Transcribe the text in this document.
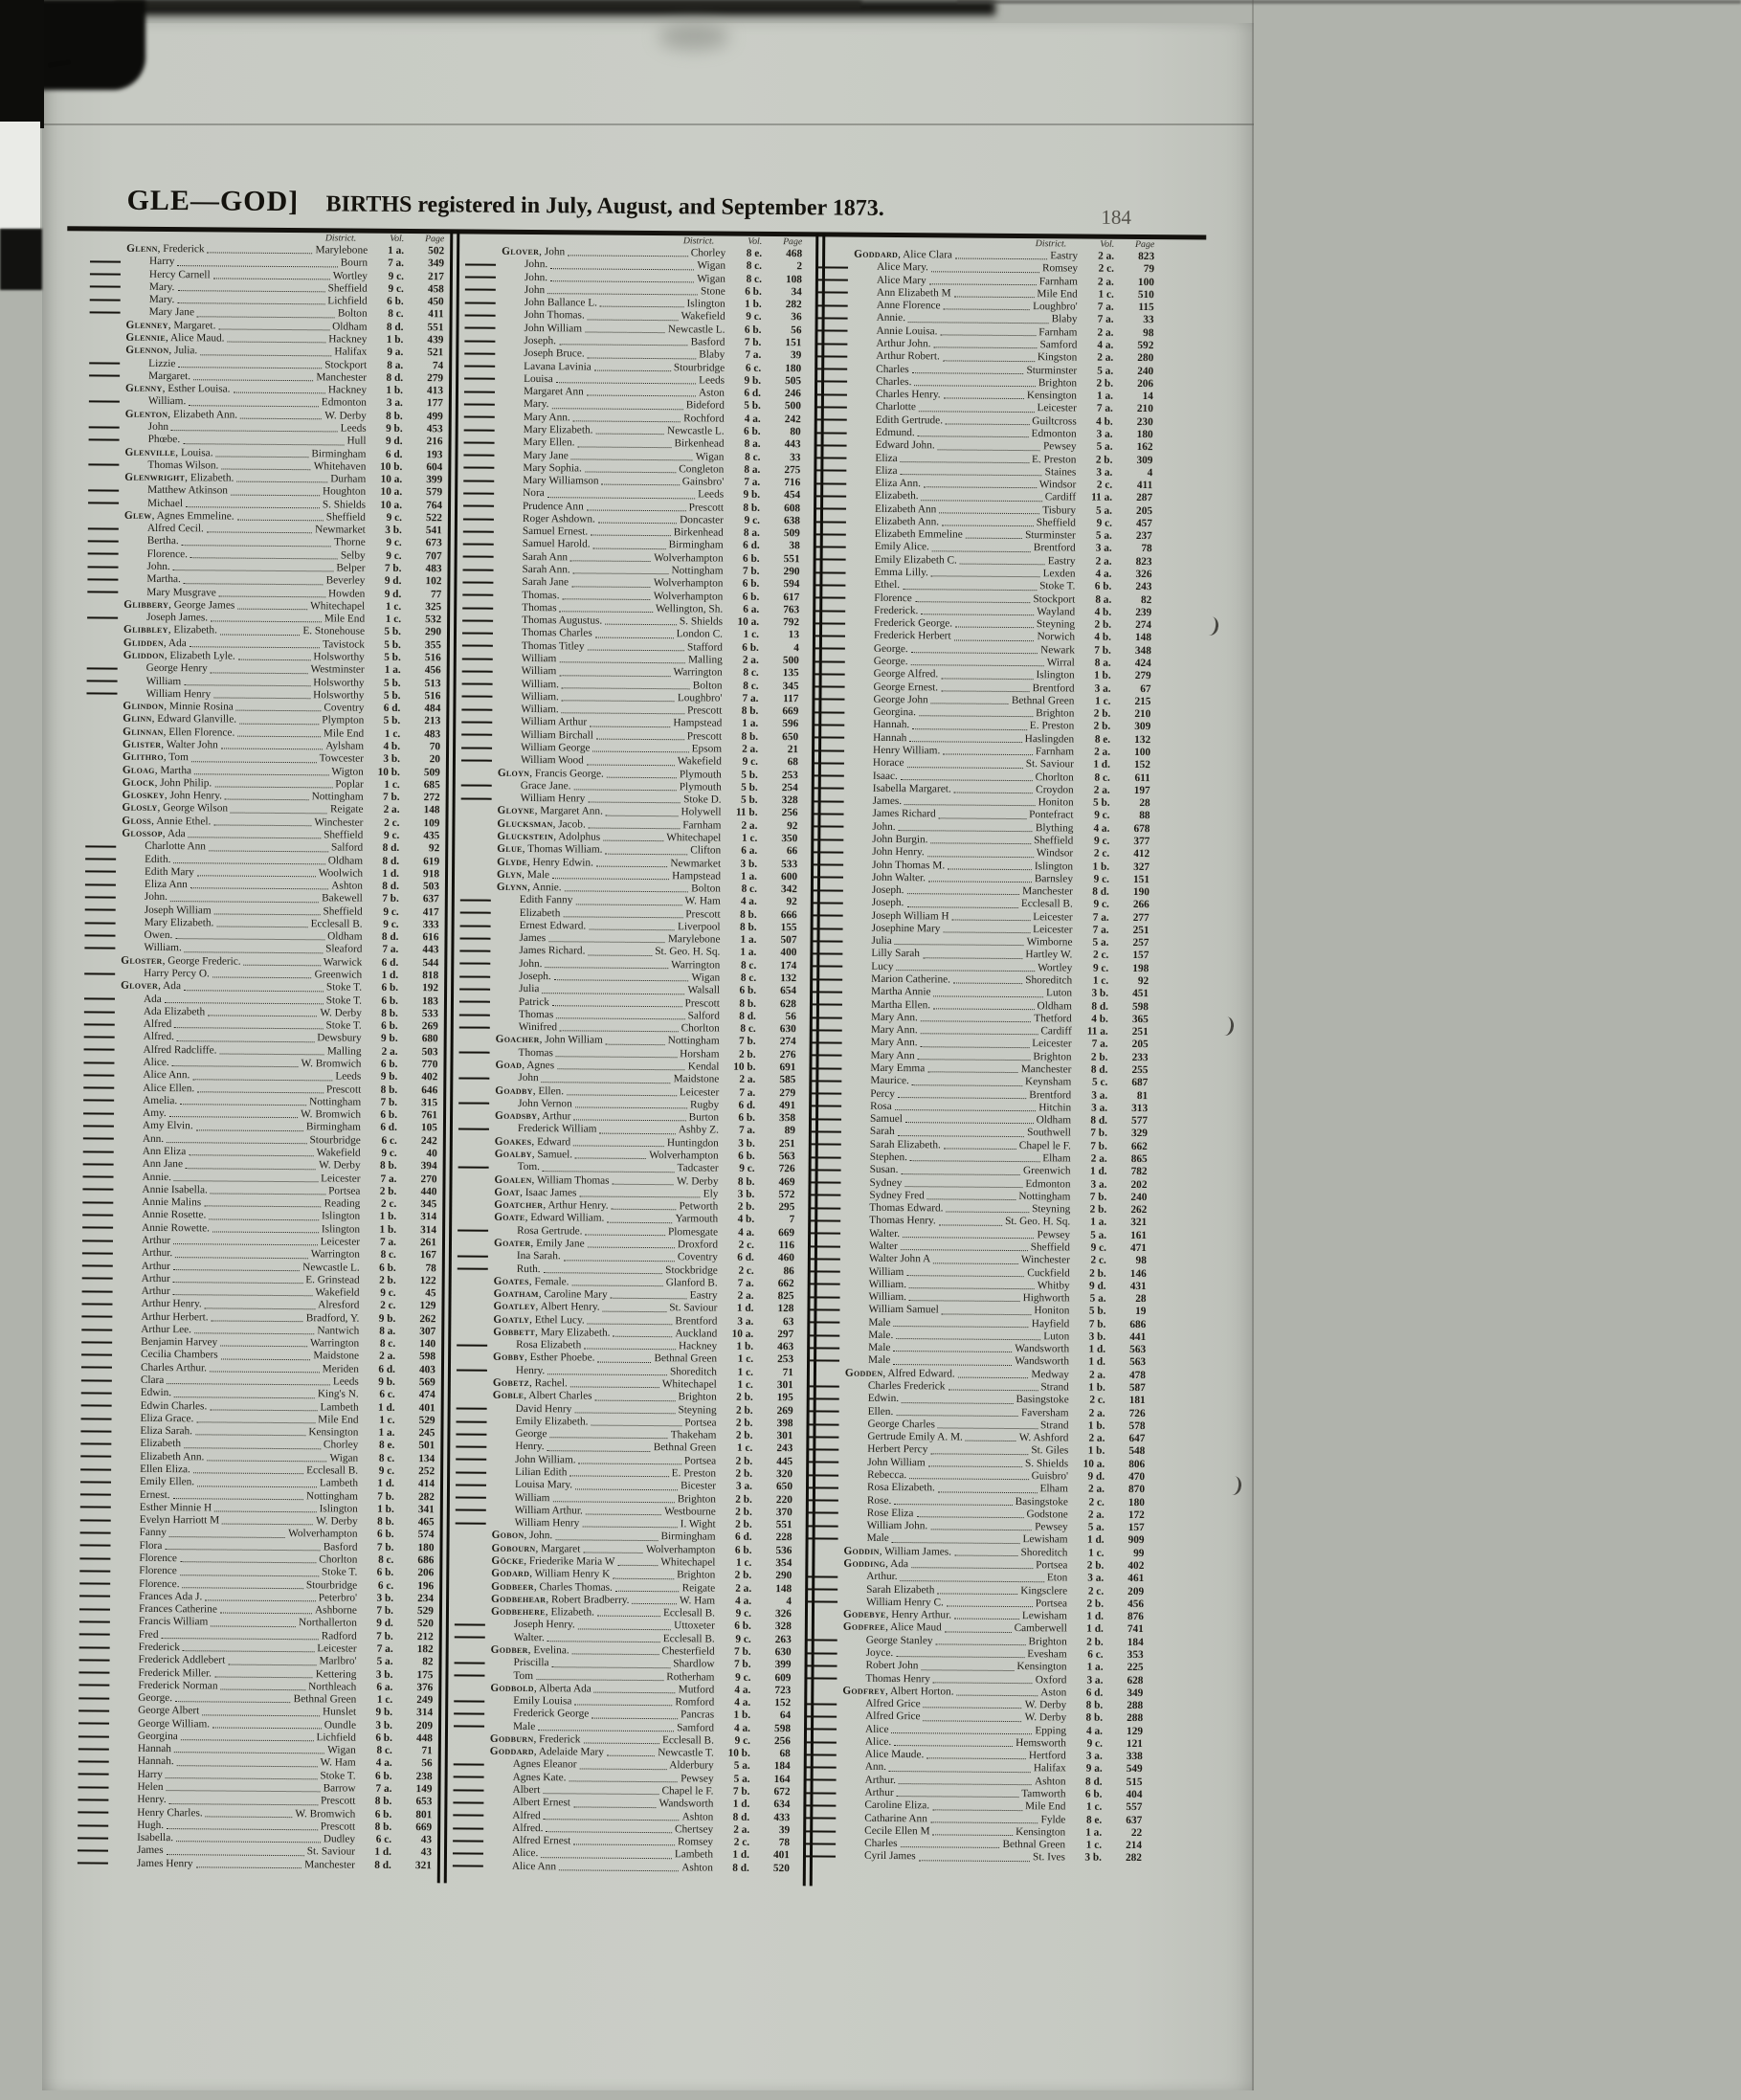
GLE—GOD] BIRTHS registered in July, August, and September 1873.	184
District.	Vol.	Page
Glenn, Frederick	Marylebone	1 a.	502
Harry	Bourn	7 a.	349
Hercy Carnell	Wortley	9 c.	217
Mary.	Sheffield	9 c.	458
Mary.	Lichfield	6 b.	450
Mary Jane	Bolton	8 c.	411
Glenney, Margaret.	Oldham	8 d.	551
Glennie, Alice Maud.	Hackney	1 b.	439
Glennon, Julia.	Halifax	9 a.	521
Lizzie	Stockport	8 a.	74
Margaret.	Manchester	8 d.	279
Glenny, Esther Louisa.	Hackney	1 b.	413
William.	Edmonton	3 a.	177
Glenton, Elizabeth Ann.	W. Derby	8 b.	499
John	Leeds	9 b.	453
Phœbe.	Hull	9 d.	216
Glenville, Louisa.	Birmingham	6 d.	193
Thomas Wilson.	Whitehaven	10 b.	604
Glenwright, Elizabeth.	Durham	10 a.	399
Matthew Atkinson	Houghton	10 a.	579
Michael	S. Shields	10 a.	764
Glew, Agnes Emmeline.	Sheffield	9 c.	522
Alfred Cecil.	Newmarket	3 b.	541
Bertha.	Thorne	9 c.	673
Florence.	Selby	9 c.	707
John.	Belper	7 b.	483
Martha.	Beverley	9 d.	102
Mary Musgrave	Howden	9 d.	77
Glibbery, George James	Whitechapel	1 c.	325
Joseph James.	Mile End	1 c.	532
Glibbley, Elizabeth.	E. Stonehouse	5 b.	290
Glidden, Ada	Tavistock	5 b.	355
Gliddon, Elizabeth Lyle.	Holsworthy	5 b.	516
George Henry	Westminster	1 a.	456
William	Holsworthy	5 b.	513
William Henry	Holsworthy	5 b.	516
Glindon, Minnie Rosina	Coventry	6 d.	484
Glinn, Edward Glanville.	Plympton	5 b.	213
Glinnan, Ellen Florence.	Mile End	1 c.	483
Glister, Walter John	Aylsham	4 b.	70
Glithro, Tom	Towcester	3 b.	20
Gloag, Martha	Wigton	10 b.	509
Glock, John Philip.	Poplar	1 c.	685
Gloskey, John Henry.	Nottingham	7 b.	272
Glosly, George Wilson	Reigate	2 a.	148
Gloss, Annie Ethel.	Winchester	2 c.	109
Glossop, Ada	Sheffield	9 c.	435
Charlotte Ann	Salford	8 d.	92
Edith.	Oldham	8 d.	619
Edith Mary	Woolwich	1 d.	918
Eliza Ann	Ashton	8 d.	503
John.	Bakewell	7 b.	637
Joseph William	Sheffield	9 c.	417
Mary Elizabeth.	Ecclesall B.	9 c.	333
Owen.	Oldham	8 d.	616
William.	Sleaford	7 a.	443
Gloster, George Frederic.	Warwick	6 d.	544
Harry Percy O.	Greenwich	1 d.	818
Glover, Ada	Stoke T.	6 b.	192
Ada	Stoke T.	6 b.	183
Ada Elizabeth	W. Derby	8 b.	533
Alfred	Stoke T.	6 b.	269
Alfred.	Dewsbury	9 b.	680
Alfred Radcliffe.	Malling	2 a.	503
Alice.	W. Bromwich	6 b.	770
Alice Ann.	Leeds	9 b.	402
Alice Ellen.	Prescott	8 b.	646
Amelia.	Nottingham	7 b.	315
Amy.	W. Bromwich	6 b.	761
Amy Elvin.	Birmingham	6 d.	105
Ann.	Stourbridge	6 c.	242
Ann Eliza	Wakefield	9 c.	40
Ann Jane	W. Derby	8 b.	394
Annie.	Leicester	7 a.	270
Annie Isabella.	Portsea	2 b.	440
Annie Malins	Reading	2 c.	345
Annie Rosette.	Islington	1 b.	314
Annie Rowette.	Islington	1 b.	314
Arthur	Leicester	7 a.	261
Arthur.	Warrington	8 c.	167
Arthur	Newcastle L.	6 b.	78
Arthur	E. Grinstead	2 b.	122
Arthur	Wakefield	9 c.	45
Arthur Henry.	Alresford	2 c.	129
Arthur Herbert.	Bradford, Y.	9 b.	262
Arthur Lee.	Nantwich	8 a.	307
Benjamin Harvey	Warrington	8 c.	140
Cecilia Chambers	Maidstone	2 a.	598
Charles Arthur.	Meriden	6 d.	403
Clara	Leeds	9 b.	569
Edwin.	King's N.	6 c.	474
Edwin Charles.	Lambeth	1 d.	401
Eliza Grace.	Mile End	1 c.	529
Eliza Sarah.	Kensington	1 a.	245
Elizabeth	Chorley	8 e.	501
Elizabeth Ann.	Wigan	8 c.	134
Ellen Eliza.	Ecclesall B.	9 c.	252
Emily Ellen.	Lambeth	1 d.	414
Ernest.	Nottingham	7 b.	282
Esther Minnie H	Islington	1 b.	341
Evelyn Harriott M	W. Derby	8 b.	465
Fanny	Wolverhampton	6 b.	574
Flora	Basford	7 b.	180
Florence	Chorlton	8 c.	686
Florence	Stoke T.	6 b.	206
Florence.	Stourbridge	6 c.	196
Frances Ada J.	Peterbro'	3 b.	234
Frances Catherine	Ashborne	7 b.	529
Francis William	Northallerton	9 d.	520
Fred	Radford	7 b.	212
Frederick	Leicester	7 a.	182
Frederick Addlebert	Marlbro'	5 a.	82
Frederick Miller.	Kettering	3 b.	175
Frederick Norman	Northleach	6 a.	376
George.	Bethnal Green	1 c.	249
George Albert	Hunslet	9 b.	314
George William.	Oundle	3 b.	209
Georgina	Lichfield	6 b.	448
Hannah	Wigan	8 c.	71
Hannah.	W. Ham	4 a.	56
Harry	Stoke T.	6 b.	238
Helen	Barrow	7 a.	149
Henry.	Prescott	8 b.	653
Henry Charles.	W. Bromwich	6 b.	801
Hugh.	Prescott	8 b.	669
Isabella.	Dudley	6 c.	43
James	St. Saviour	1 d.	43
James Henry	Manchester	8 d.	321
District.	Vol.	Page
Glover, John	Chorley	8 e.	468
John.	Wigan	8 c.	2
John.	Wigan	8 c.	108
John	Stone	6 b.	34
John Ballance L.	Islington	1 b.	282
John Thomas.	Wakefield	9 c.	36
John William	Newcastle L.	6 b.	56
Joseph.	Basford	7 b.	151
Joseph Bruce.	Blaby	7 a.	39
Lavana Lavinia	Stourbridge	6 c.	180
Louisa	Leeds	9 b.	505
Margaret Ann	Aston	6 d.	246
Mary.	Bideford	5 b.	500
Mary Ann.	Rochford	4 a.	242
Mary Elizabeth.	Newcastle L.	6 b.	80
Mary Ellen.	Birkenhead	8 a.	443
Mary Jane	Wigan	8 c.	33
Mary Sophia.	Congleton	8 a.	275
Mary Williamson	Gainsbro'	7 a.	716
Nora	Leeds	9 b.	454
Prudence Ann	Prescott	8 b.	608
Roger Ashdown.	Doncaster	9 c.	638
Samuel Ernest.	Birkenhead	8 a.	509
Samuel Harold.	Birmingham	6 d.	38
Sarah Ann	Wolverhampton	6 b.	551
Sarah Ann.	Nottingham	7 b.	290
Sarah Jane	Wolverhampton	6 b.	594
Thomas.	Wolverhampton	6 b.	617
Thomas	Wellington, Sh.	6 a.	763
Thomas Augustus.	S. Shields	10 a.	792
Thomas Charles	London C.	1 c.	13
Thomas Titley	Stafford	6 b.	4
William	Malling	2 a.	500
William	Warrington	8 c.	135
William.	Bolton	8 c.	345
William.	Loughbro'	7 a.	117
William.	Prescott	8 b.	669
William Arthur	Hampstead	1 a.	596
William Birchall	Prescott	8 b.	650
William George	Epsom	2 a.	21
William Wood	Wakefield	9 c.	68
Gloyn, Francis George.	Plymouth	5 b.	253
Grace Jane.	Plymouth	5 b.	254
William Henry	Stoke D.	5 b.	328
Gloyne, Margaret Ann.	Holywell	11 b.	256
Glucksman, Jacob.	Farnham	2 a.	92
Gluckstein, Adolphus	Whitechapel	1 c.	350
Glue, Thomas William.	Clifton	6 a.	66
Glyde, Henry Edwin.	Newmarket	3 b.	533
Glyn, Male	Hampstead	1 a.	600
Glynn, Annie.	Bolton	8 c.	342
Edith Fanny	W. Ham	4 a.	92
Elizabeth	Prescott	8 b.	666
Ernest Edward.	Liverpool	8 b.	155
James	Marylebone	1 a.	507
James Richard.	St. Geo. H. Sq.	1 a.	400
John.	Warrington	8 c.	174
Joseph.	Wigan	8 c.	132
Julia	Walsall	6 b.	654
Patrick	Prescott	8 b.	628
Thomas	Salford	8 d.	56
Winifred	Chorlton	8 c.	630
Goacher, John William	Nottingham	7 b.	274
Thomas	Horsham	2 b.	276
Goad, Agnes	Kendal	10 b.	691
John	Maidstone	2 a.	585
Goadby, Ellen.	Leicester	7 a.	279
John Vernon	Rugby	6 d.	491
Goadsby, Arthur	Burton	6 b.	358
Frederick William	Ashby Z.	7 a.	89
Goakes, Edward	Huntingdon	3 b.	251
Goalby, Samuel.	Wolverhampton	6 b.	563
Tom.	Tadcaster	9 c.	726
Goalen, William Thomas	W. Derby	8 b.	469
Goat, Isaac James	Ely	3 b.	572
Goatcher, Arthur Henry.	Petworth	2 b.	295
Goate, Edward William.	Yarmouth	4 b.	7
Rosa Gertrude.	Plomesgate	4 a.	669
Goater, Emily Jane	Droxford	2 c.	116
Ina Sarah.	Coventry	6 d.	460
Ruth.	Stockbridge	2 c.	86
Goates, Female.	Glanford B.	7 a.	662
Goatham, Caroline Mary	Eastry	2 a.	825
Goatley, Albert Henry.	St. Saviour	1 d.	128
Goatly, Ethel Lucy.	Brentford	3 a.	63
Gobbett, Mary Elizabeth.	Auckland	10 a.	297
Rosa Elizabeth	Hackney	1 b.	463
Gobby, Esther Phoebe.	Bethnal Green	1 c.	253
Henry.	Shoreditch	1 c.	71
Gobetz, Rachel.	Whitechapel	1 c.	301
Goble, Albert Charles	Brighton	2 b.	195
David Henry	Steyning	2 b.	269
Emily Elizabeth.	Portsea	2 b.	398
George	Thakeham	2 b.	301
Henry.	Bethnal Green	1 c.	243
John William.	Portsea	2 b.	445
Lilian Edith	E. Preston	2 b.	320
Louisa Mary.	Bicester	3 a.	650
William	Brighton	2 b.	220
William Arthur.	Westbourne	2 b.	370
William Henry	I. Wight	2 b.	551
Gobon, John.	Birmingham	6 d.	228
Gobourn, Margaret	Wolverhampton	6 b.	536
Göcke, Friederike Maria W	Whitechapel	1 c.	354
Godard, William Henry K	Brighton	2 b.	290
Godbeer, Charles Thomas.	Reigate	2 a.	148
Godbehear, Robert Bradberry.	W. Ham	4 a.	4
Godbehere, Elizabeth.	Ecclesall B.	9 c.	326
Joseph Henry.	Uttoxeter	6 b.	328
Walter.	Ecclesall B.	9 c.	263
Godber, Evelina.	Chesterfield	7 b.	630
Priscilla	Shardlow	7 b.	399
Tom	Rotherham	9 c.	609
Godbold, Alberta Ada	Mutford	4 a.	723
Emily Louisa	Romford	4 a.	152
Frederick George	Pancras	1 b.	64
Male	Samford	4 a.	598
Godburn, Frederick	Ecclesall B.	9 c.	256
Goddard, Adelaide Mary	Newcastle T.	10 b.	68
Agnes Eleanor	Alderbury	5 a.	184
Agnes Kate.	Pewsey	5 a.	164
Albert	Chapel le F.	7 b.	672
Albert Ernest	Wandsworth	1 d.	634
Alfred	Ashton	8 d.	433
Alfred.	Chertsey	2 a.	39
Alfred Ernest	Romsey	2 c.	78
Alice.	Lambeth	1 d.	401
Alice Ann	Ashton	8 d.	520
District.	Vol.	Page
Goddard, Alice Clara	Eastry	2 a.	823
Alice Mary.	Romsey	2 c.	79
Alice Mary	Farnham	2 a.	100
Ann Elizabeth M	Mile End	1 c.	510
Anne Florence	Loughbro'	7 a.	115
Annie.	Blaby	7 a.	33
Annie Louisa.	Farnham	2 a.	98
Arthur John.	Samford	4 a.	592
Arthur Robert.	Kingston	2 a.	280
Charles	Sturminster	5 a.	240
Charles.	Brighton	2 b.	206
Charles Henry.	Kensington	1 a.	14
Charlotte	Leicester	7 a.	210
Edith Gertrude.	Guiltcross	4 b.	230
Edmund.	Edmonton	3 a.	180
Edward John.	Pewsey	5 a.	162
Eliza	E. Preston	2 b.	309
Eliza	Staines	3 a.	4
Eliza Ann.	Windsor	2 c.	411
Elizabeth.	Cardiff	11 a.	287
Elizabeth Ann	Tisbury	5 a.	205
Elizabeth Ann.	Sheffield	9 c.	457
Elizabeth Emmeline	Sturminster	5 a.	237
Emily Alice.	Brentford	3 a.	78
Emily Elizabeth C.	Eastry	2 a.	823
Emma Lilly.	Lexden	4 a.	326
Ethel.	Stoke T.	6 b.	243
Florence	Stockport	8 a.	82
Frederick.	Wayland	4 b.	239
Frederick George.	Steyning	2 b.	274
Frederick Herbert	Norwich	4 b.	148
George.	Newark	7 b.	348
George.	Wirral	8 a.	424
George Alfred.	Islington	1 b.	279
George Ernest.	Brentford	3 a.	67
George John	Bethnal Green	1 c.	215
Georgina.	Brighton	2 b.	210
Hannah.	E. Preston	2 b.	309
Hannah	Haslingden	8 e.	132
Henry William.	Farnham	2 a.	100
Horace	St. Saviour	1 d.	152
Isaac.	Chorlton	8 c.	611
Isabella Margaret.	Croydon	2 a.	197
James.	Honiton	5 b.	28
James Richard	Pontefract	9 c.	88
John.	Blything	4 a.	678
John Burgin.	Sheffield	9 c.	377
John Henry.	Windsor	2 c.	412
John Thomas M.	Islington	1 b.	327
John Walter.	Barnsley	9 c.	151
Joseph.	Manchester	8 d.	190
Joseph.	Ecclesall B.	9 c.	266
Joseph William H	Leicester	7 a.	277
Josephine Mary	Leicester	7 a.	251
Julia	Wimborne	5 a.	257
Lilly Sarah	Hartley W.	2 c.	157
Lucy	Wortley	9 c.	198
Marion Catherine.	Shoreditch	1 c.	92
Martha Annie	Luton	3 b.	451
Martha Ellen.	Oldham	8 d.	598
Mary Ann.	Thetford	4 b.	365
Mary Ann.	Cardiff	11 a.	251
Mary Ann.	Leicester	7 a.	205
Mary Ann	Brighton	2 b.	233
Mary Emma	Manchester	8 d.	255
Maurice.	Keynsham	5 c.	687
Percy	Brentford	3 a.	81
Rosa	Hitchin	3 a.	313
Samuel	Oldham	8 d.	577
Sarah	Southwell	7 b.	329
Sarah Elizabeth.	Chapel le F.	7 b.	662
Stephen.	Elham	2 a.	865
Susan.	Greenwich	1 d.	782
Sydney	Edmonton	3 a.	202
Sydney Fred	Nottingham	7 b.	240
Thomas Edward.	Steyning	2 b.	262
Thomas Henry.	St. Geo. H. Sq.	1 a.	321
Walter.	Pewsey	5 a.	161
Walter	Sheffield	9 c.	471
Walter John A	Winchester	2 c.	98
William	Cuckfield	2 b.	146
William.	Whitby	9 d.	431
William.	Highworth	5 a.	28
William Samuel	Honiton	5 b.	19
Male	Hayfield	7 b.	686
Male.	Luton	3 b.	441
Male	Wandsworth	1 d.	563
Male	Wandsworth	1 d.	563
Godden, Alfred Edward.	Medway	2 a.	478
Charles Frederick	Strand	1 b.	587
Edwin.	Basingstoke	2 c.	181
Ellen.	Faversham	2 a.	726
George Charles	Strand	1 b.	578
Gertrude Emily A. M.	W. Ashford	2 a.	647
Herbert Percy	St. Giles	1 b.	548
John William	S. Shields	10 a.	806
Rebecca.	Guisbro'	9 d.	470
Rosa Elizabeth.	Elham	2 a.	870
Rose.	Basingstoke	2 c.	180
Rose Eliza	Godstone	2 a.	172
William John.	Pewsey	5 a.	157
Male	Lewisham	1 d.	909
Goddin, William James.	Shoreditch	1 c.	99
Godding, Ada	Portsea	2 b.	402
Arthur.	Eton	3 a.	461
Sarah Elizabeth	Kingsclere	2 c.	209
William Henry C.	Portsea	2 b.	456
Godebye, Henry Arthur.	Lewisham	1 d.	876
Godfree, Alice Maud	Camberwell	1 d.	741
George Stanley	Brighton	2 b.	184
Joyce.	Evesham	6 c.	353
Robert John	Kensington	1 a.	225
Thomas Henry	Oxford	3 a.	628
Godfrey, Albert Horton.	Aston	6 d.	349
Alfred Grice	W. Derby	8 b.	288
Alfred Grice	W. Derby	8 b.	288
Alice	Epping	4 a.	129
Alice.	Hemsworth	9 c.	121
Alice Maude.	Hertford	3 a.	338
Ann.	Halifax	9 a.	549
Arthur.	Ashton	8 d.	515
Arthur	Tamworth	6 b.	404
Caroline Eliza.	Mile End	1 c.	557
Catharine Ann	Fylde	8 e.	637
Cecile Ellen M	Kensington	1 a.	22
Charles	Bethnal Green	1 c.	214
Cyril James	St. Ives	3 b.	282
